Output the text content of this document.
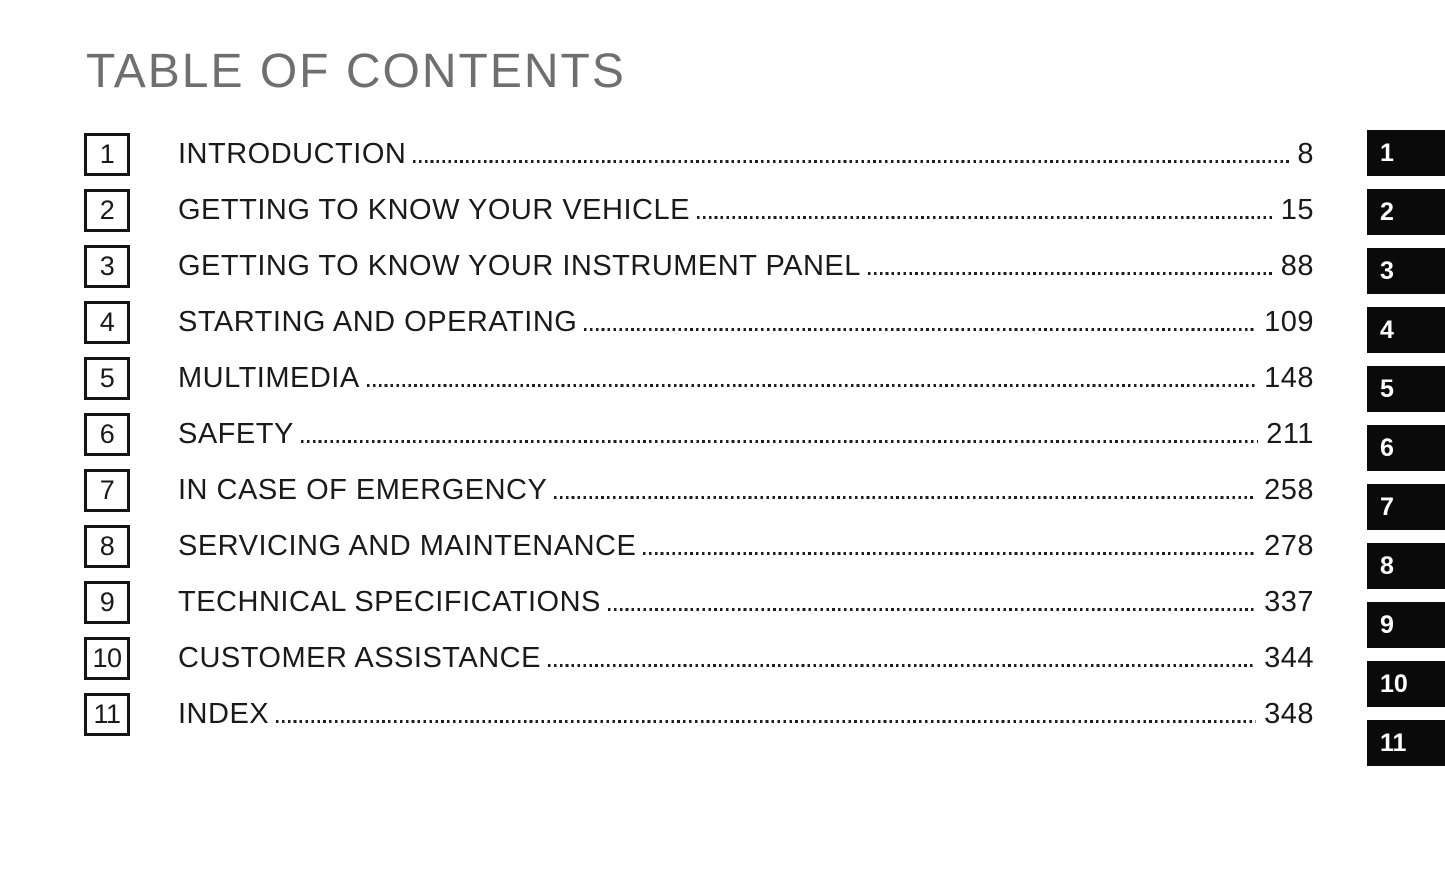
TABLE OF CONTENTS
1	INTRODUCTION	8
2	GETTING TO KNOW YOUR VEHICLE	15
3	GETTING TO KNOW YOUR INSTRUMENT PANEL	88
4	STARTING AND OPERATING	109
5	MULTIMEDIA	148
6	SAFETY	211
7	IN CASE OF EMERGENCY	258
8	SERVICING AND MAINTENANCE	278
9	TECHNICAL SPECIFICATIONS	337
10 CUSTOMER ASSISTANCE	344
11	INDEX	348
1
2
3
4
5
6
7
8
9
10
11
